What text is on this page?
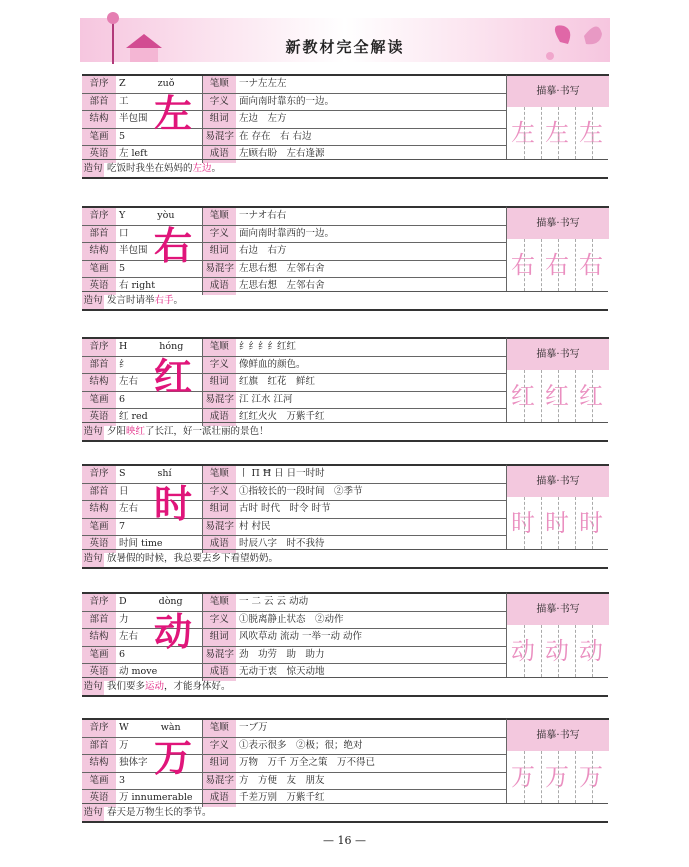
新教材完全解读
音序	Z zuǒ	笔顺	一ナ左左左
部首	工	字义	面向南时靠东的一边。
结构	半包围	组词	左边　左方
笔画	5	易混字	在 存在　右 右边
英语	左 left	成语	左顾右盼　左右逢源
左	描摹·书写
左 左 左
造句 吃饭时我坐在妈妈的左边。
音序	Y yòu	笔顺	一ナオ右右
部首	口	字义	面向南时靠西的一边。
结构	半包围	组词	右边　右方
笔画	5	易混字	左思右想　左邻右舍
英语	右 right	成语	左思右想　左邻右舍
右	描摹·书写
右 右 右
造句 发言时请举右手。
音序	H hóng	笔顺	纟纟纟纟红红
部首	纟	字义	像鲜血的颜色。
结构	左右	组词	红旗　红花　鲜红
笔画	6	易混字	江 江水 江河
英语	红 red	成语	红红火火　万紫千红
红	描摹·书写
红 红 红
造句 夕阳映红了长江，好一派壮丽的景色！
音序	S shí	笔顺	丨 П Ħ 日 日一时时
部首	日	字义	①指较长的一段时间　②季节
结构	左右	组词	古时 时代　时令 时节
笔画	7	易混字	村 村民
英语	时间 time	成语	时辰八字　时不我待
时	描摹·书写
时 时 时
造句 放暑假的时候，我总要去乡下看望奶奶。
音序	D dòng	笔顺	一 二 云 云 动动
部首	力	字义	①脱离静止状态　②动作
结构	左右	组词	风吹草动 流动 一举一动 动作
笔画	6	易混字	劲　功劳　助　助力
英语	动 move	成语	无动于衷　惊天动地
动	描摹·书写
动 动 动
造句 我们要多运动，才能身体好。
音序	W wàn	笔顺	一ブ万
部首	万	字义	①表示很多　②极；很；绝对
结构	独体字	组词	万物　万千 万全之策　万不得已
笔画	3	易混字	方　方便　友　朋友
英语	万 innumerable	成语	千差万别　万紫千红
万	描摹·书写
万 万 万
造句 春天是万物生长的季节。
— 16 —
